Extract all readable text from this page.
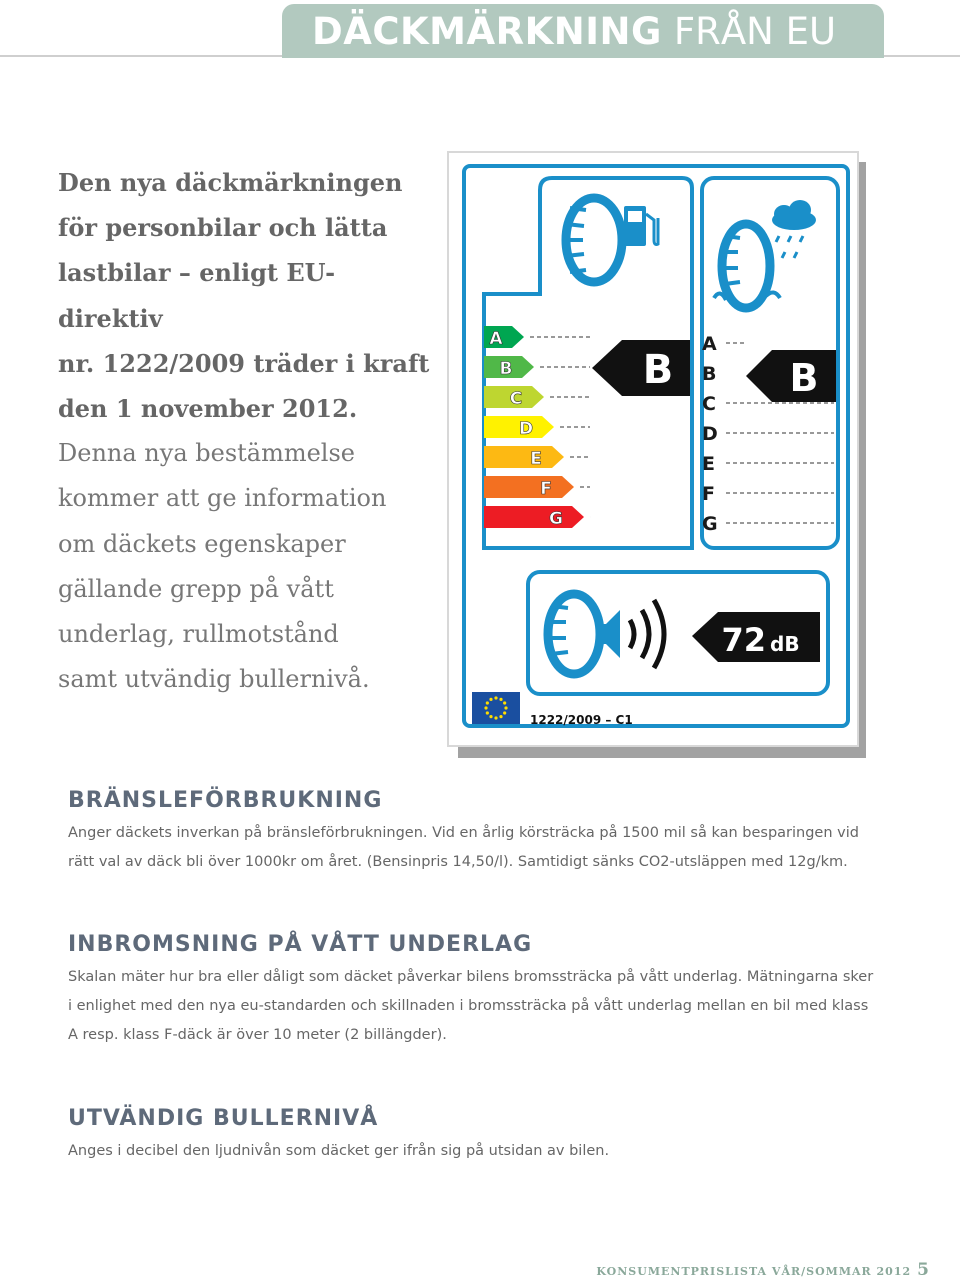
DÄCKMÄRKNING FRÅN EU
Den nya däckmärkningen
för personbilar och lätta
lastbilar – enligt EU-direktiv
nr. 1222/2009 träder i kraft
den 1 november 2012.
Denna nya bestämmelse
kommer att ge information
om däckets egenskaper
gällande grepp på vått
underlag, rullmotstånd
samt utvändig bullernivå.
A
B
C
D
E
F
G
B
A
B
C
D
E
F
G
B
72 dB
1222/2009 – C1
BRÄNSLEFÖRBRUKNING

Anger däckets inverkan på bränsleförbrukningen. Vid en årlig körsträcka på 1500 mil så kan besparingen vid

rätt val av däck bli över 1000kr om året. (Bensinpris 14,50/l). Samtidigt sänks CO2-utsläppen med 12g/km.

INBROMSNING PÅ VÅTT UNDERLAG

Skalan mäter hur bra eller dåligt som däcket påverkar bilens bromssträcka på vått underlag. Mätningarna sker

i enlighet med den nya eu-standarden och skillnaden i bromssträcka på vått underlag mellan en bil med klass

A resp. klass F-däck är över 10 meter (2 billängder).

UTVÄNDIG BULLERNIVÅ

Anges i decibel den ljudnivån som däcket ger ifrån sig på utsidan av bilen.

KONSUMENTPRISLISTA VÅR/SOMMAR 2012 5
